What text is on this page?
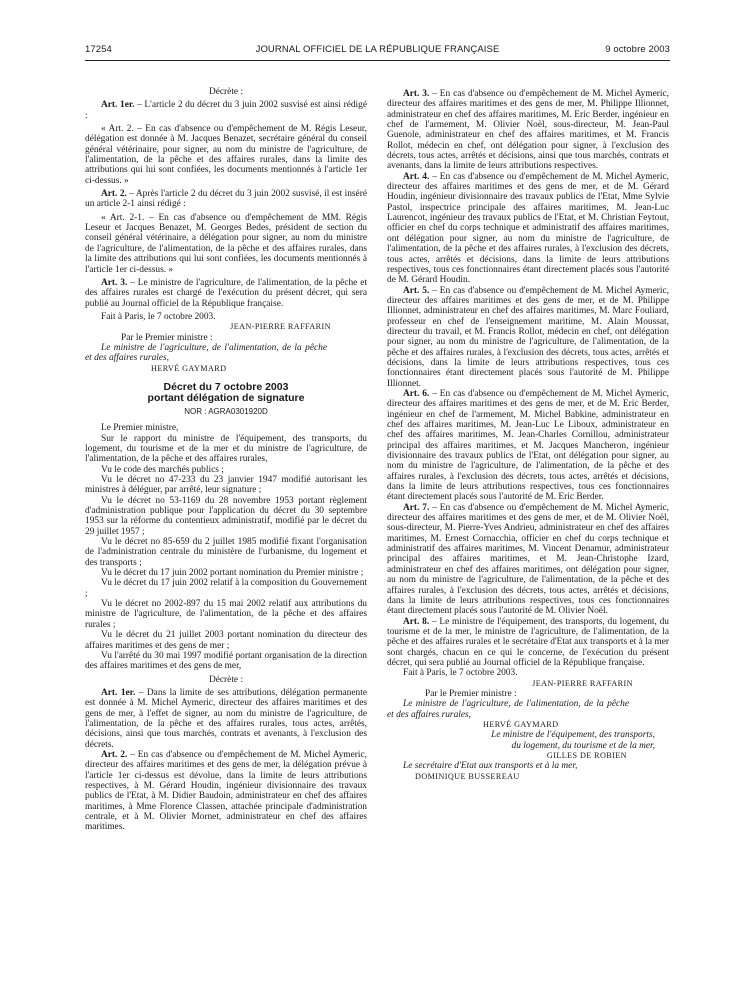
17254	JOURNAL OFFICIEL DE LA RÉPUBLIQUE FRANÇAISE	9 octobre 2003

Décrète :

Art. 1er. – L'article 2 du décret du 3 juin 2002 susvisé est ainsi rédigé :

« Art. 2. – En cas d'absence ou d'empêchement de M. Régis Leseur, délégation est donnée à M. Jacques Benazet, secrétaire général du conseil général vétérinaire, pour signer, au nom du ministre de l'agriculture, de l'alimentation, de la pêche et des affaires rurales, dans la limite des attributions qui lui sont confiées, les documents mentionnés à l'article 1er ci-dessus. »

Art. 2. – Après l'article 2 du décret du 3 juin 2002 susvisé, il est inséré un article 2-1 ainsi rédigé :

« Art. 2-1. – En cas d'absence ou d'empêchement de MM. Régis Leseur et Jacques Benazet, M. Georges Bedes, président de section du conseil général vétérinaire, a délégation pour signer, au nom du ministre de l'agriculture, de l'alimentation, de la pêche et des affaires rurales, dans la limite des attributions qui lui sont confiées, les documents mentionnés à l'article 1er ci-dessus. »

Art. 3. – Le ministre de l'agriculture, de l'alimentation, de la pêche et des affaires rurales est chargé de l'exécution du présent décret, qui sera publié au Journal officiel de la République française.

Fait à Paris, le 7 octobre 2003.

JEAN-PIERRE RAFFARIN

Par le Premier ministre :

Le ministre de l'agriculture, de l'alimentation, de la pêche et des affaires rurales,

HERVÉ GAYMARD

Décret du 7 octobre 2003
portant délégation de signature
NOR : AGRA0301920D

Le Premier ministre,

Sur le rapport du ministre de l'équipement, des transports, du logement, du tourisme et de la mer et du ministre de l'agriculture, de l'alimentation, de la pêche et des affaires rurales,

Vu le code des marchés publics ;

Vu le décret no 47-233 du 23 janvier 1947 modifié autorisant les ministres à déléguer, par arrêté, leur signature ;

Vu le décret no 53-1169 du 28 novembre 1953 portant règlement d'administration publique pour l'application du décret du 30 septembre 1953 sur la réforme du contentieux administratif, modifié par le décret du 29 juillet 1957 ;

Vu le décret no 85-659 du 2 juillet 1985 modifié fixant l'organisation de l'administration centrale du ministère de l'urbanisme, du logement et des transports ;

Vu le décret du 17 juin 2002 portant nomination du Premier ministre ;

Vu le décret du 17 juin 2002 relatif à la composition du Gouvernement ;

Vu le décret no 2002-897 du 15 mai 2002 relatif aux attributions du ministre de l'agriculture, de l'alimentation, de la pêche et des affaires rurales ;

Vu le décret du 21 juillet 2003 portant nomination du directeur des affaires maritimes et des gens de mer ;

Vu l'arrêté du 30 mai 1997 modifié portant organisation de la direction des affaires maritimes et des gens de mer,

Décrète :

Art. 1er. – Dans la limite de ses attributions, délégation permanente est donnée à M. Michel Aymeric, directeur des affaires maritimes et des gens de mer, à l'effet de signer, au nom du ministre de l'agriculture, de l'alimentation, de la pêche et des affaires rurales, tous actes, arrêtés, décisions, ainsi que tous marchés, contrats et avenants, à l'exclusion des décrets.

Art. 2. – En cas d'absence ou d'empêchement de M. Michel Aymeric, directeur des affaires maritimes et des gens de mer, la délégation prévue à l'article 1er ci-dessus est dévolue, dans la limite de leurs attributions respectives, à M. Gérard Houdin, ingénieur divisionnaire des travaux publics de l'Etat, à M. Didier Baudoin, administrateur en chef des affaires maritimes, à Mme Florence Classen, attachée principale d'administration centrale, et à M. Olivier Mornet, administrateur en chef des affaires maritimes.

Art. 3. – En cas d'absence ou d'empêchement de M. Michel Aymeric, directeur des affaires maritimes et des gens de mer, M. Philippe Illionnet, administrateur en chef des affaires maritimes, M. Eric Berder, ingénieur en chef de l'armement, M. Olivier Noël, sous-directeur, M. Jean-Paul Guenole, administrateur en chef des affaires maritimes, et M. Francis Rollot, médecin en chef, ont délégation pour signer, à l'exclusion des décrets, tous actes, arrêtés et décisions, ainsi que tous marchés, contrats et avenants, dans la limite de leurs attributions respectives.

Art. 4. – En cas d'absence ou d'empêchement de M. Michel Aymeric, directeur des affaires maritimes et des gens de mer, et de M. Gérard Houdin, ingénieur divisionnaire des travaux publics de l'Etat, Mme Sylvie Pastol, inspectrice principale des affaires maritimes, M. Jean-Luc Laurencot, ingénieur des travaux publics de l'Etat, et M. Christian Feytout, officier en chef du corps technique et administratif des affaires maritimes, ont délégation pour signer, au nom du ministre de l'agriculture, de l'alimentation, de la pêche et des affaires rurales, à l'exclusion des décrets, tous actes, arrêtés et décisions, dans la limite de leurs attributions respectives, tous ces fonctionnaires étant directement placés sous l'autorité de M. Gérard Houdin.

Art. 5. – En cas d'absence ou d'empêchement de M. Michel Aymeric, directeur des affaires maritimes et des gens de mer, et de M. Philippe Illionnet, administrateur en chef des affaires maritimes, M. Marc Fouliard, professeur en chef de l'enseignement maritime, M. Alain Moussat, directeur du travail, et M. Francis Rollot, médecin en chef, ont délégation pour signer, au nom du ministre de l'agriculture, de l'alimentation, de la pêche et des affaires rurales, à l'exclusion des décrets, tous actes, arrêtés et décisions, dans la limite de leurs attributions respectives, tous ces fonctionnaires étant directement placés sous l'autorité de M. Philippe Illionnet.

Art. 6. – En cas d'absence ou d'empêchement de M. Michel Aymeric, directeur des affaires maritimes et des gens de mer, et de M. Eric Berder, ingénieur en chef de l'armement, M. Michel Babkine, administrateur en chef des affaires maritimes, M. Jean-Luc Le Liboux, administrateur en chef des affaires maritimes, M. Jean-Charles Cornillou, administrateur principal des affaires maritimes, et M. Jacques Mancheron, ingénieur divisionnaire des travaux publics de l'Etat, ont délégation pour signer, au nom du ministre de l'agriculture, de l'alimentation, de la pêche et des affaires rurales, à l'exclusion des décrets, tous actes, arrêtés et décisions, dans la limite de leurs attributions respectives, tous ces fonctionnaires étant directement placés sous l'autorité de M. Eric Berder.

Art. 7. – En cas d'absence ou d'empêchement de M. Michel Aymeric, directeur des affaires maritimes et des gens de mer, et de M. Olivier Noël, sous-directeur, M. Pierre-Yves Andrieu, administrateur en chef des affaires maritimes, M. Ernest Cornacchia, officier en chef du corps technique et administratif des affaires maritimes, M. Vincent Denamur, administrateur principal des affaires maritimes, et M. Jean-Christophe Izard, administrateur en chef des affaires maritimes, ont délégation pour signer, au nom du ministre de l'agriculture, de l'alimentation, de la pêche et des affaires rurales, à l'exclusion des décrets, tous actes, arrêtés et décisions, dans la limite de leurs attributions respectives, tous ces fonctionnaires étant directement placés sous l'autorité de M. Olivier Noël.

Art. 8. – Le ministre de l'équipement, des transports, du logement, du tourisme et de la mer, le ministre de l'agriculture, de l'alimentation, de la pêche et des affaires rurales et le secrétaire d'Etat aux transports et à la mer sont chargés, chacun en ce qui le concerne, de l'exécution du présent décret, qui sera publié au Journal officiel de la République française.

Fait à Paris, le 7 octobre 2003.

JEAN-PIERRE RAFFARIN

Par le Premier ministre :

Le ministre de l'agriculture, de l'alimentation, de la pêche et des affaires rurales,

HERVÉ GAYMARD

Le ministre de l'équipement, des transports, du logement, du tourisme et de la mer,

GILLES DE ROBIEN

Le secrétaire d'Etat aux transports et à la mer,

DOMINIQUE BUSSEREAU
